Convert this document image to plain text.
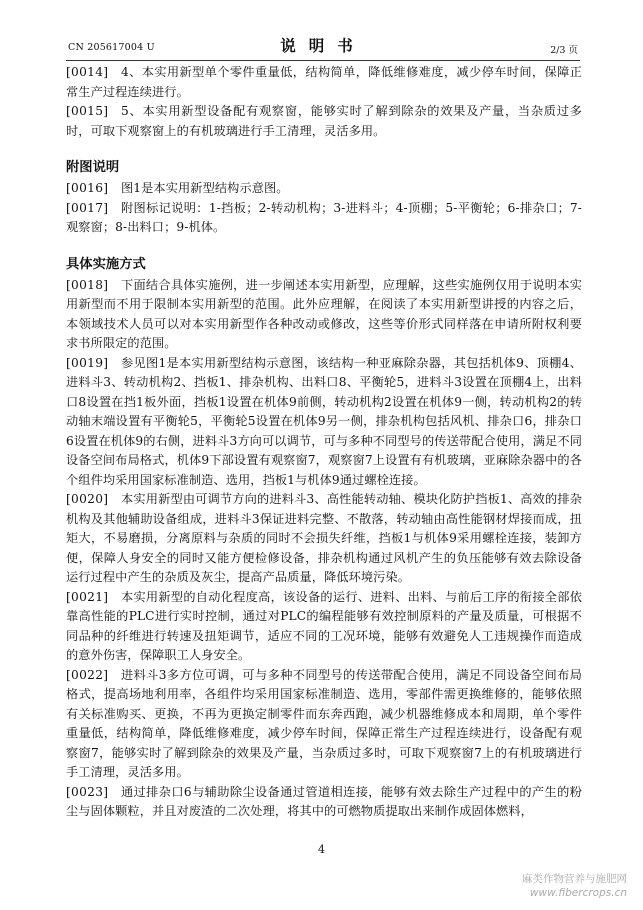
CN 205617004 U	说明书	2/3 页
[0014]	4、本实用新型单个零件重量低，结构简单，降低维修难度，减少停车时间，保障正常生产过程连续进行。
[0015]	5、本实用新型设备配有观察窗，能够实时了解到除杂的效果及产量，当杂质过多时，可取下观察窗上的有机玻璃进行手工清理，灵活多用。
附图说明
[0016]	图1是本实用新型结构示意图。
[0017]	附图标记说明：1-挡板；2-转动机构；3-进料斗；4-顶棚；5-平衡轮；6-排杂口；7-观察窗；8-出料口；9-机体。
具体实施方式
[0018]	下面结合具体实施例，进一步阐述本实用新型，应理解，这些实施例仅用于说明本实用新型而不用于限制本实用新型的范围。此外应理解，在阅读了本实用新型讲授的内容之后，本领域技术人员可以对本实用新型作各种改动或修改，这些等价形式同样落在申请所附权利要求书所限定的范围。
[0019]	参见图1是本实用新型结构示意图，该结构一种亚麻除杂器，其包括机体9、顶棚4、进料斗3、转动机构2、挡板1、排杂机构、出料口8、平衡轮5，进料斗3设置在顶棚4上，出料口8设置在挡1板外面，挡板1设置在机体9前侧，转动机构2设置在机体9一侧，转动机构2的转动轴末端设置有平衡轮5，平衡轮5设置在机体9另一侧，排杂机构包括风机、排杂口6，排杂口6设置在机体9的右侧，进料斗3方向可以调节，可与多种不同型号的传送带配合使用，满足不同设备空间布局格式，机体9下部设置有观察窗7，观察窗7上设置有有机玻璃，亚麻除杂器中的各个组件均采用国家标准制造、选用，挡板1与机体9通过螺栓连接。
[0020]	本实用新型由可调节方向的进料斗3、高性能转动轴、模块化防护挡板1、高效的排杂机构及其他辅助设备组成，进料斗3保证进料完整、不散落，转动轴由高性能钢材焊接而成，扭矩大，不易磨损，分离原料与杂质的同时不会损失纤维，挡板1与机体9采用螺栓连接，装卸方便，保障人身安全的同时又能方便检修设备，排杂机构通过风机产生的负压能够有效去除设备运行过程中产生的杂质及灰尘，提高产品质量，降低环境污染。
[0021]	本实用新型的自动化程度高，该设备的运行、进料、出料、与前后工序的衔接全部依靠高性能的PLC进行实时控制，通过对PLC的编程能够有效控制原料的产量及质量，可根据不同品种的纤维进行转速及扭矩调节，适应不同的工况环境，能够有效避免人工违规操作而造成的意外伤害，保障职工人身安全。
[0022]	进料斗3多方位可调，可与多种不同型号的传送带配合使用，满足不同设备空间布局格式，提高场地利用率，各组件均采用国家标准制造、选用，零部件需更换维修的，能够依照有关标准购买、更换，不再为更换定制零件而东奔西跑，减少机器维修成本和周期，单个零件重量低，结构简单，降低维修难度，减少停车时间，保障正常生产过程连续进行，设备配有观察窗7，能够实时了解到除杂的效果及产量，当杂质过多时，可取下观察窗7上的有机玻璃进行手工清理，灵活多用。
[0023]	通过排杂口6与辅助除尘设备通过管道相连接，能够有效去除生产过程中的产生的粉尘与固体颗粒，并且对废渣的二次处理，将其中的可燃物质提取出来制作成固体燃料，
4
麻类作物营养与施肥网
www.fibercrops.cn
